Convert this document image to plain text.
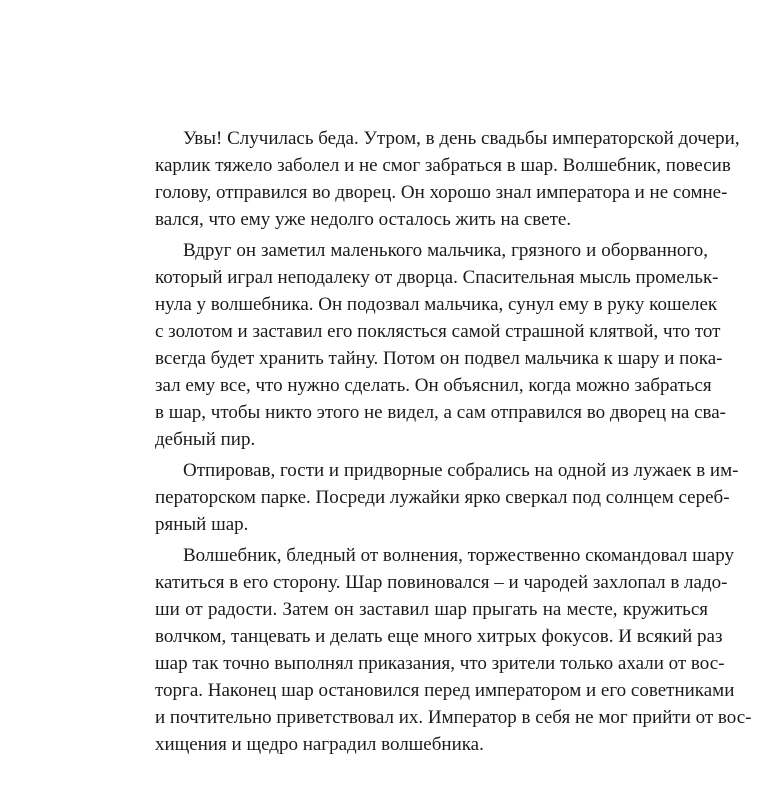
Увы! Случилась беда. Утром, в день свадьбы императорской дочери,
карлик тяжело заболел и не смог забраться в шар. Волшебник, повесив
голову, отправился во дворец. Он хорошо знал императора и не сомне-
вался, что ему уже недолго осталось жить на свете.
Вдруг он заметил маленького мальчика, грязного и оборванного,
который играл неподалеку от дворца. Спасительная мысль промельк-
нула у волшебника. Он подозвал мальчика, сунул ему в руку кошелек
с золотом и заставил его поклясться самой страшной клятвой, что тот
всегда будет хранить тайну. Потом он подвел мальчика к шару и пока-
зал ему все, что нужно сделать. Он объяснил, когда можно забраться
в шар, чтобы никто этого не видел, а сам отправился во дворец на сва-
дебный пир.
Отпировав, гости и придворные собрались на одной из лужаек в им-
ператорском парке. Посреди лужайки ярко сверкал под солнцем сереб-
ряный шар.
Волшебник, бледный от волнения, торжественно скомандовал шару
катиться в его сторону. Шар повиновался – и чародей захлопал в ладо-
ши от радости. Затем он заставил шар прыгать на месте, кружиться
волчком, танцевать и делать еще много хитрых фокусов. И всякий раз
шар так точно выполнял приказания, что зрители только ахали от вос-
торга. Наконец шар остановился перед императором и его советниками
и почтительно приветствовал их. Император в себя не мог прийти от вос-
хищения и щедро наградил волшебника.
